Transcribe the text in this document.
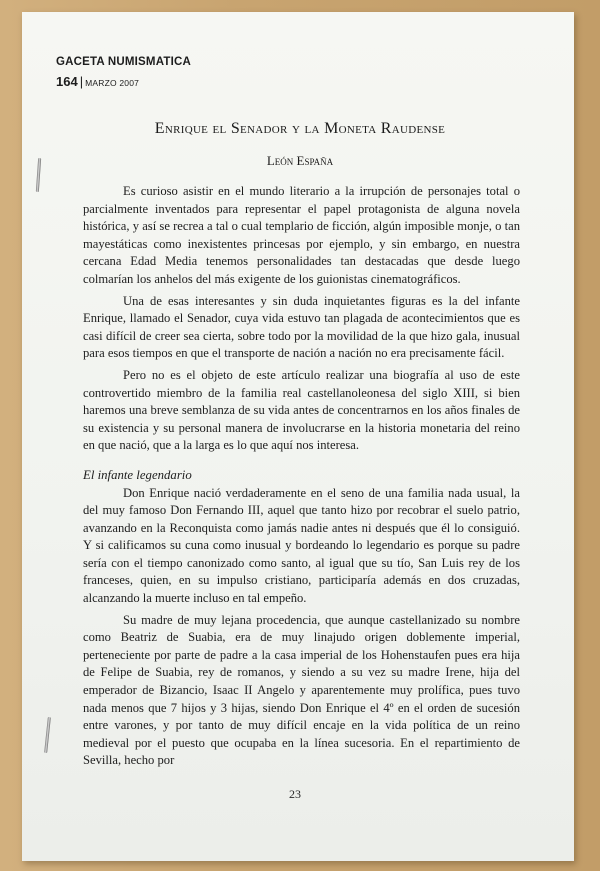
GACETA NUMISMATICA
164 | MARZO 2007
Enrique el Senador y la Moneta Raudense
León España

Es curioso asistir en el mundo literario a la irrupción de personajes total o parcialmente inventados para representar el papel protagonista de alguna novela histórica, y así se recrea a tal o cual templario de ficción, algún imposible monje, o tan mayestáticas como inexistentes princesas por ejemplo, y sin embargo, en nuestra cercana Edad Media tenemos personalidades tan destacadas que desde luego colmarían los anhelos del más exigente de los guionistas cinematográficos.

Una de esas interesantes y sin duda inquietantes figuras es la del infante Enrique, llamado el Senador, cuya vida estuvo tan plagada de acontecimientos que es casi difícil de creer sea cierta, sobre todo por la movilidad de la que hizo gala, inusual para esos tiempos en que el transporte de nación a nación no era precisamente fácil.

Pero no es el objeto de este artículo realizar una biografía al uso de este controvertido miembro de la familia real castellanoleonesa del siglo XIII, si bien haremos una breve semblanza de su vida antes de concentrarnos en los años finales de su existencia y su personal manera de involucrarse en la historia monetaria del reino en que nació, que a la larga es lo que aquí nos interesa.

El infante legendario

Don Enrique nació verdaderamente en el seno de una familia nada usual, la del muy famoso Don Fernando III, aquel que tanto hizo por recobrar el suelo patrio, avanzando en la Reconquista como jamás nadie antes ni después que él lo consiguió. Y si calificamos su cuna como inusual y bordeando lo legendario es porque su padre sería con el tiempo canonizado como santo, al igual que su tío, San Luis rey de los franceses, quien, en su impulso cristiano, participaría además en dos cruzadas, alcanzando la muerte incluso en tal empeño.

Su madre de muy lejana procedencia, que aunque castellanizado su nombre como Beatriz de Suabia, era de muy linajudo origen doblemente imperial, perteneciente por parte de padre a la casa imperial de los Hohenstaufen pues era hija de Felipe de Suabia, rey de romanos, y siendo a su vez su madre Irene, hija del emperador de Bizancio, Isaac II Angelo y aparentemente muy prolífica, pues tuvo nada menos que 7 hijos y 3 hijas, siendo Don Enrique el 4º en el orden de sucesión entre varones, y por tanto de muy difícil encaje en la vida política de un reino medieval por el puesto que ocupaba en la línea sucesoria. En el repartimiento de Sevilla, hecho por

23
